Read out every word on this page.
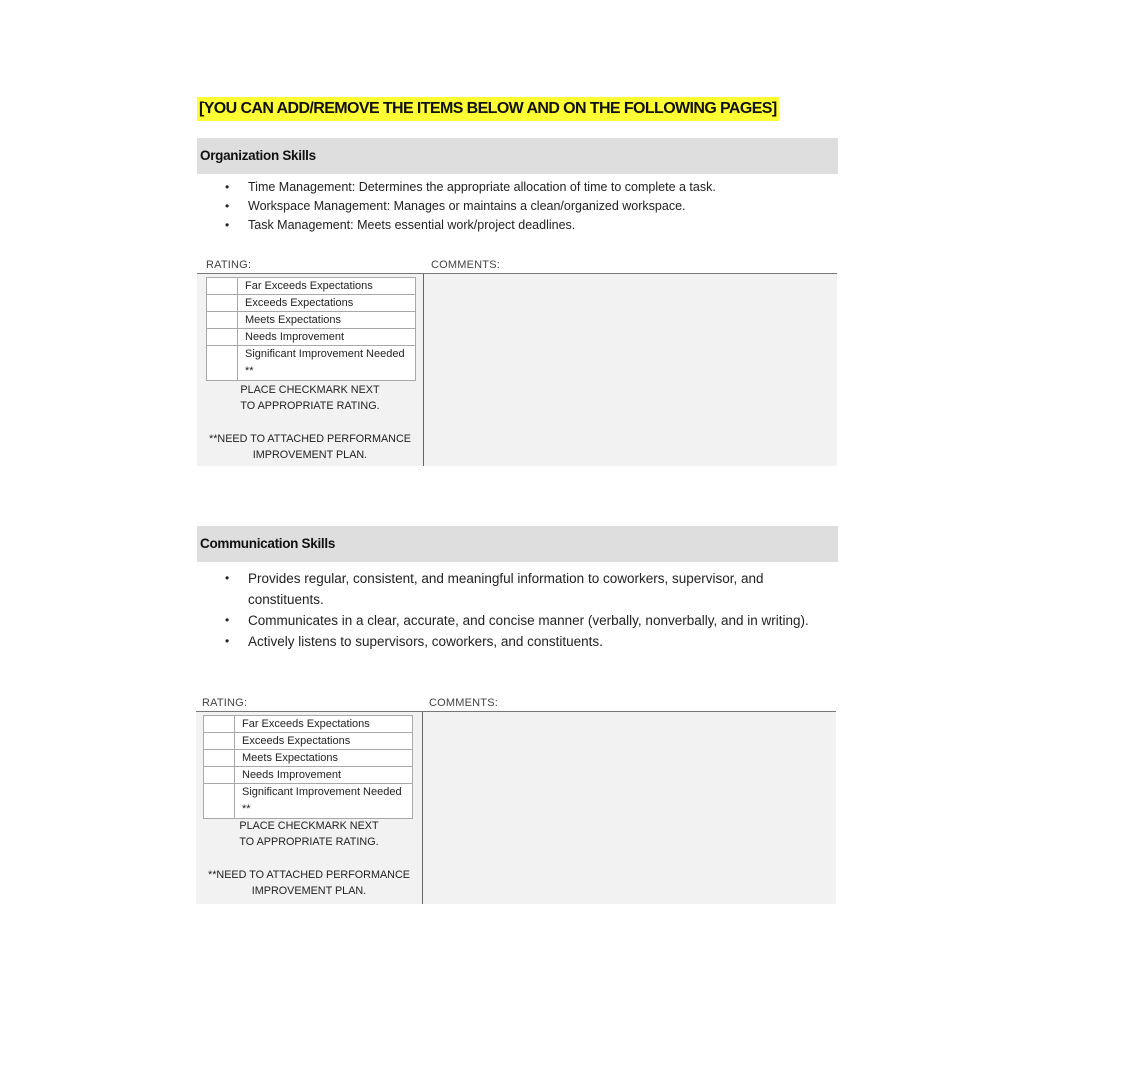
[YOU CAN ADD/REMOVE THE ITEMS BELOW AND ON THE FOLLOWING PAGES]
Organization Skills
• Time Management: Determines the appropriate allocation of time to complete a task.
• Workspace Management: Manages or maintains a clean/organized workspace.
• Task Management: Meets essential work/project deadlines.
RATING:	COMMENTS:
	Far Exceeds Expectations
	Exceeds Expectations
	Meets Expectations
	Needs Improvement
	Significant Improvement Needed **
PLACE CHECKMARK NEXT TO APPROPRIATE RATING.
**NEED TO ATTACHED PERFORMANCE IMPROVEMENT PLAN.
Communication Skills
• Provides regular, consistent, and meaningful information to coworkers, supervisor, and constituents.
• Communicates in a clear, accurate, and concise manner (verbally, nonverbally, and in writing).
• Actively listens to supervisors, coworkers, and constituents.
RATING:	COMMENTS:
	Far Exceeds Expectations
	Exceeds Expectations
	Meets Expectations
	Needs Improvement
	Significant Improvement Needed **
PLACE CHECKMARK NEXT TO APPROPRIATE RATING.
**NEED TO ATTACHED PERFORMANCE IMPROVEMENT PLAN.
